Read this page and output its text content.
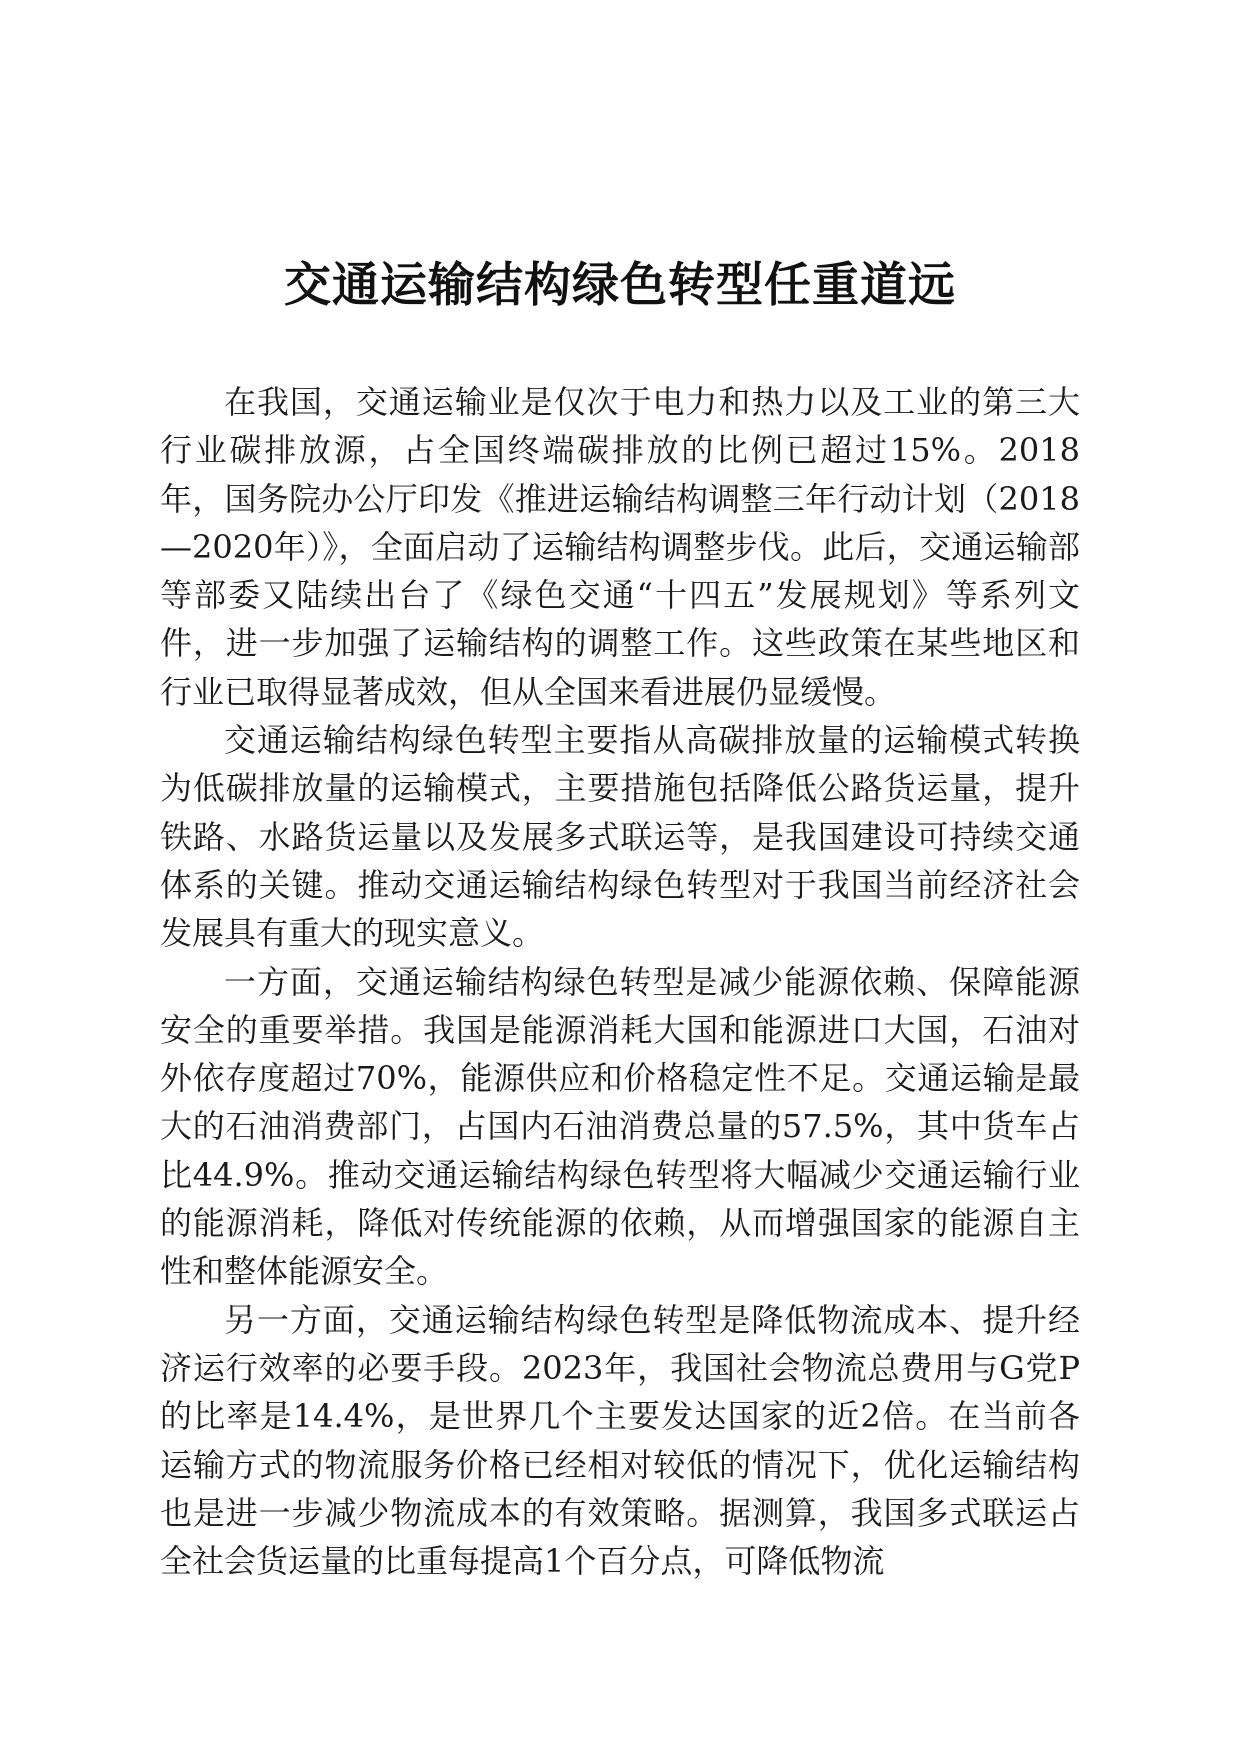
交通运输结构绿色转型任重道远

在我国，交通运输业是仅次于电力和热力以及工业的第三大行业碳排放源，占全国终端碳排放的比例已超过15%。2018年，国务院办公厅印发《推进运输结构调整三年行动计划（2018—2020年）》，全面启动了运输结构调整步伐。此后，交通运输部等部委又陆续出台了《绿色交通“十四五”发展规划》等系列文件，进一步加强了运输结构的调整工作。这些政策在某些地区和行业已取得显著成效，但从全国来看进展仍显缓慢。

交通运输结构绿色转型主要指从高碳排放量的运输模式转换为低碳排放量的运输模式，主要措施包括降低公路货运量，提升铁路、水路货运量以及发展多式联运等，是我国建设可持续交通体系的关键。推动交通运输结构绿色转型对于我国当前经济社会发展具有重大的现实意义。

一方面，交通运输结构绿色转型是减少能源依赖、保障能源安全的重要举措。我国是能源消耗大国和能源进口大国，石油对外依存度超过70%，能源供应和价格稳定性不足。交通运输是最大的石油消费部门，占国内石油消费总量的57.5%，其中货车占比44.9%。推动交通运输结构绿色转型将大幅减少交通运输行业的能源消耗，降低对传统能源的依赖，从而增强国家的能源自主性和整体能源安全。

另一方面，交通运输结构绿色转型是降低物流成本、提升经济运行效率的必要手段。2023年，我国社会物流总费用与G党P的比率是14.4%，是世界几个主要发达国家的近2倍。在当前各运输方式的物流服务价格已经相对较低的情况下，优化运输结构也是进一步减少物流成本的有效策略。据测算，我国多式联运占全社会货运量的比重每提高1个百分点，可降低物流
